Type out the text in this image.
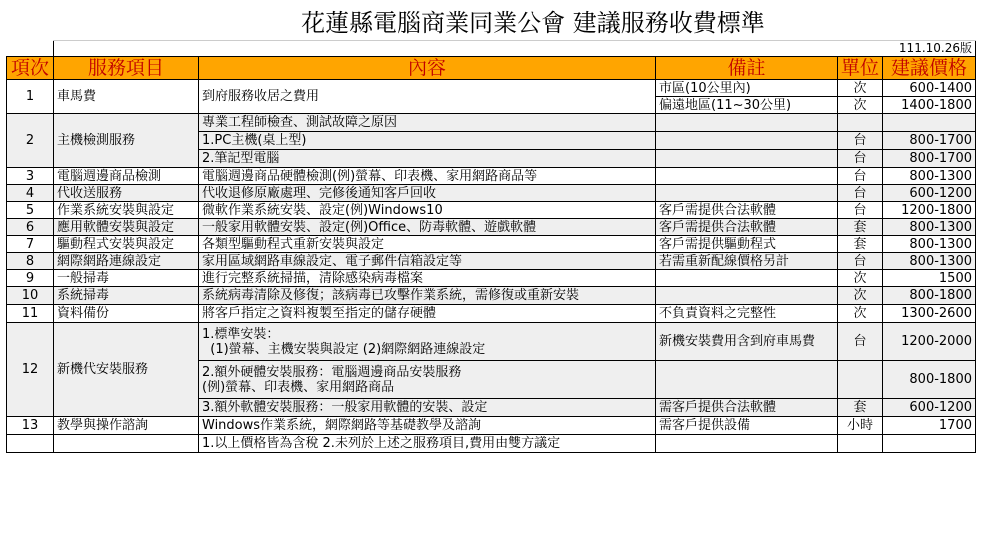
	花蓮縣電腦商業同業公會 建議服務收費標準				
	111.10.26版				
項次	服務項目	內容	備註	單位	建議價格
1	車馬費	到府服務收居之費用	市區(10公里內)	次	600-1400
			偏遠地區(11~30公里)	次	1400-1800
2	主機檢測服務	專業工程師檢查、測試故障之原因			
		1.PC主機(桌上型)		台	800-1700
		2.筆記型電腦		台	800-1700
3	電腦週邊商品檢測	電腦週邊商品硬體檢測(例)螢幕、印表機、家用網路商品等		台	800-1300
4	代收送服務	代收退修原廠處理、完修後通知客戶回收		台	600-1200
5	作業系統安裝與設定	微軟作業系統安裝、設定(例)Windows10	客戶需提供合法軟體	台	1200-1800
6	應用軟體安裝與設定	一般家用軟體安裝、設定(例)Office、防毒軟體、遊戲軟體	客戶需提供合法軟體	套	800-1300
7	驅動程式安裝與設定	各類型驅動程式重新安裝與設定	客戶需提供驅動程式	套	800-1300
8	網際網路連線設定	家用區域網路車線設定、電子郵件信箱設定等	若需重新配線價格另計	台	800-1300
9	一般掃毒	進行完整系統掃描，清除感染病毒檔案		次	1500
10	系統掃毒	系統病毒清除及修復；該病毒已攻擊作業系統，需修復或重新安裝		次	800-1800
11	資料備份	將客戶指定之資料複製至指定的儲存硬體	不負責資料之完整性	次	1300-2600
12	新機代安裝服務	1.標準安裝：
(1)螢幕、主機安裝與設定 (2)網際網路連線設定	新機安裝費用含到府車馬費	台	1200-2000

		2.額外硬體安裝服務：電腦週邊商品安裝服務
(例)螢幕、印表機、家用網路商品			800-1800
		3.額外軟體安裝服務：一般家用軟體的安裝、設定	需客戶提供合法軟體	套	600-1200
13	教學與操作諮詢	Windows作業系統，網際網路等基礎教學及諮詢	需客戶提供設備	小時	1700
		1.以上價格皆為含稅 2.未列於上述之服務項目,費用由雙方議定			
